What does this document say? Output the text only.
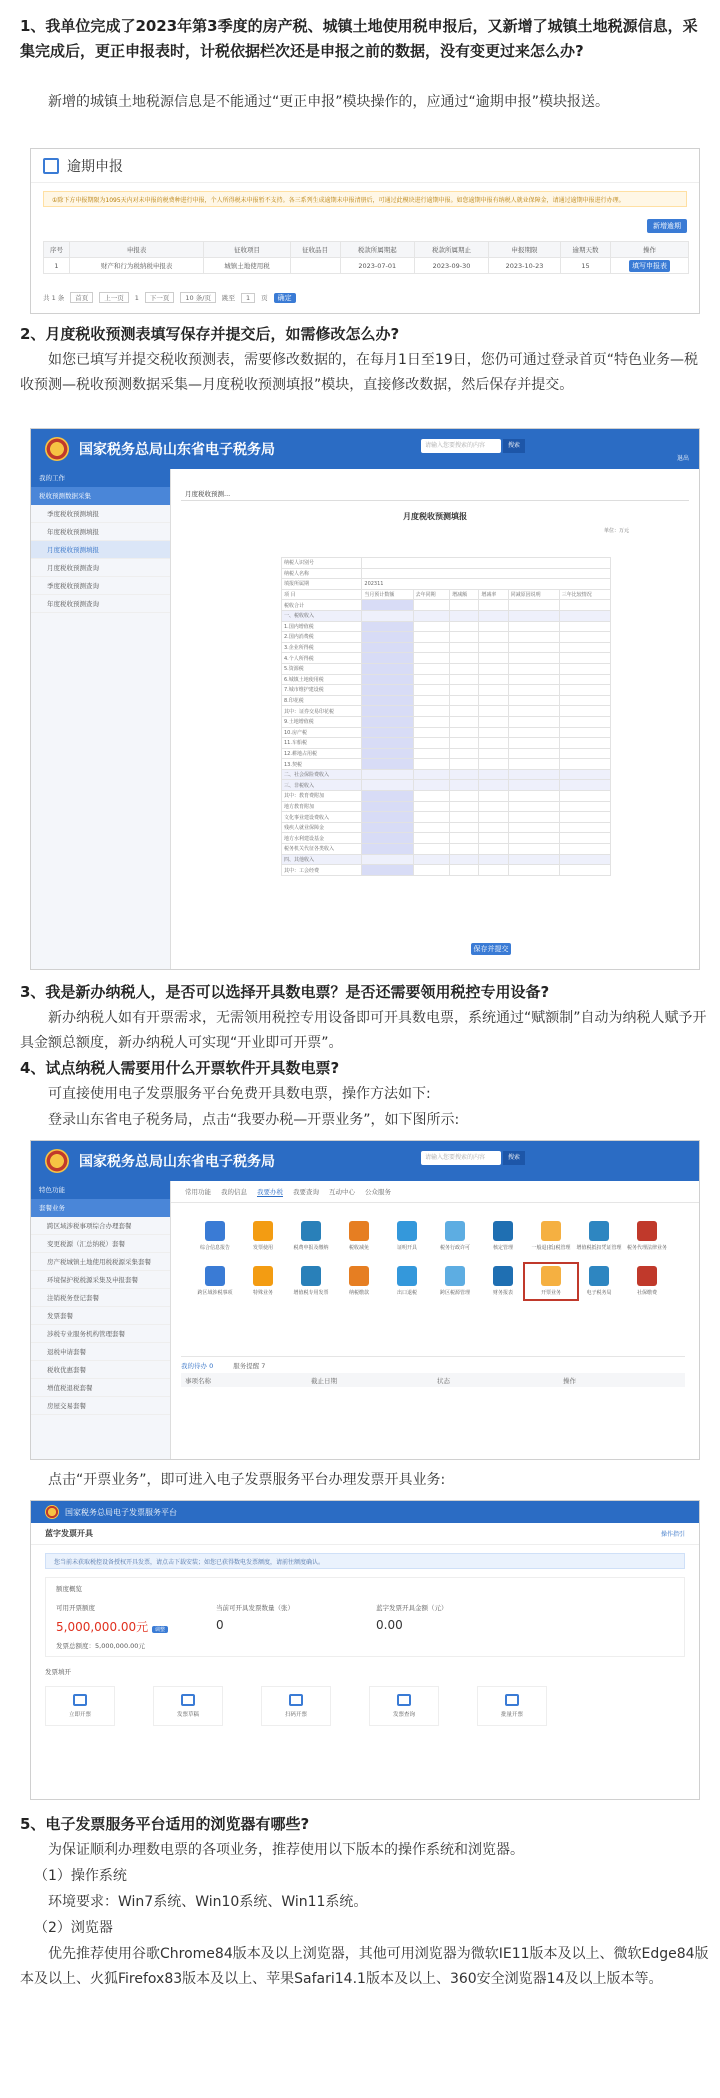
1、我单位完成了2023年第3季度的房产税、城镇土地使用税申报后，又新增了城镇土地税源信息，采集完成后，更正申报表时，计税依据栏次还是申报之前的数据，没有变更过来怎么办?
新增的城镇土地税源信息是不能通过“更正申报”模块操作的，应通过“逾期申报”模块报送。
逾期申报
①除下方申报期限为1095天内对未申报的税费种进行申报，个人所得税未申报暂不支持。各三系列生成逾期未申报清册后，可通过此模块进行逾期申报。如您逾期申报有纳税人就业保障金，请通过逾期申报进行办理。
新增逾期
序号	申报表	征收项目	征收品目	税款所属期起	税款所属期止	申报期限	逾期天数	操作
1	财产和行为税纳税申报表	城镇土地使用税		2023-07-01	2023-09-30	2023-10-23	15	填写申报表
共 1 条	首页	上一页	1	下一页	10 条/页	跳至	1	页	确定
2、月度税收预测表填写保存并提交后，如需修改怎么办?
如您已填写并提交税收预测表，需要修改数据的，在每月1日至19日，您仍可通过登录首页“特色业务—税收预测—税收预测数据采集—月度税收预测填报”模块，直接修改数据，然后保存并提交。
国家税务总局山东省电子税务局	请输入您要搜索的内容	搜索
退出
我的工作
税收预测数据采集
季度税收预测填报
年度税收预测填报
月度税收预测填报
月度税收预测查询
季度税收预测查询
年度税收预测查询
月度税收预测...
月度税收预测填报
单位：万元
纳税人识别号						
纳税人名称						
填报所属期	202311					
项 目	当月预计数额	去年同期	增减额	增减率	同减原因说明	三年比较情况
税收合计						
一、税收收入						
1.国内增值税						
2.国内消费税						
3.企业所得税						
4.个人所得税						
5.资源税						
6.城镇土地使用税						
7.城市维护建设税						
8.印花税						
其中：证券交易印花税						
9.土地增值税						
10.房产税						
11.车船税						
12.耕地占用税						
13.契税						
二、社会保险费收入						
三、非税收入						
其中：教育费附加						
地方教育附加						
文化事业建设费收入						
残疾人就业保障金						
地方水利建设基金						
税务机关代征各类收入						
四、其他收入						
其中：工会经费						
保存并提交
3、我是新办纳税人，是否可以选择开具数电票？是否还需要领用税控专用设备?
新办纳税人如有开票需求，无需领用税控专用设备即可开具数电票，系统通过“赋额制”自动为纳税人赋予开具金额总额度，新办纳税人可实现“开业即可开票”。
4、试点纳税人需要用什么开票软件开具数电票?
可直接使用电子发票服务平台免费开具数电票，操作方法如下:
登录山东省电子税务局，点击“我要办税—开票业务”，如下图所示:
国家税务总局山东省电子税务局	请输入您要搜索的内容	搜索
特色功能
套餐业务
跨区域涉税事项综合办理套餐
变更税源（汇总纳税）套餐
房产税城镇土地使用税税源采集套餐
环境保护税税源采集及申报套餐
注销税务登记套餐
发票套餐
涉税专业服务机构管理套餐
退税申请套餐
税收优惠套餐
增值税退税套餐
房屋交易套餐
常用功能 我的信息 我要办税 我要查询 互动中心 公众服务
综合信息报告	发票使用	税费申报及缴纳	税收减免	证明开具	税务行政许可	核定管理	一般退(抵)税管理 增值税抵扣凭证管理 税务代理法律业务
跨区域涉税事项	特殊业务	增值税专用发票	纳税缴款	出口退税	跨区税源管理	财务报表	开票业务	电子税务局	社保缴费
我的待办 0	服务提醒 7
事项名称	截止日期	状态	操作
点击“开票业务”，即可进入电子发票服务平台办理发票开具业务:
国家税务总局电子发票服务平台
蓝字发票开具	操作指引
您当前未获取税控设备授权开具发票，请点击下载安装；如您已获得数电发票额度，请前往额度确认。
额度概览
可用开票额度
5,000,000.00元 调整
发票总额度：5,000,000.00元
当前可开具发票数量（张）
0
蓝字发票开具金额（元）
0.00
发票填开
立即开票	发票草稿	扫码开票	发票查询	批量开票
5、电子发票服务平台适用的浏览器有哪些?
为保证顺利办理数电票的各项业务，推荐使用以下版本的操作系统和浏览器。
（1）操作系统
环境要求：Win7系统、Win10系统、Win11系统。
（2）浏览器
优先推荐使用谷歌Chrome84版本及以上浏览器，其他可用浏览器为微软IE11版本及以上、微软Edge84版本及以上、火狐Firefox83版本及以上、苹果Safari14.1版本及以上、360安全浏览器14及以上版本等。
